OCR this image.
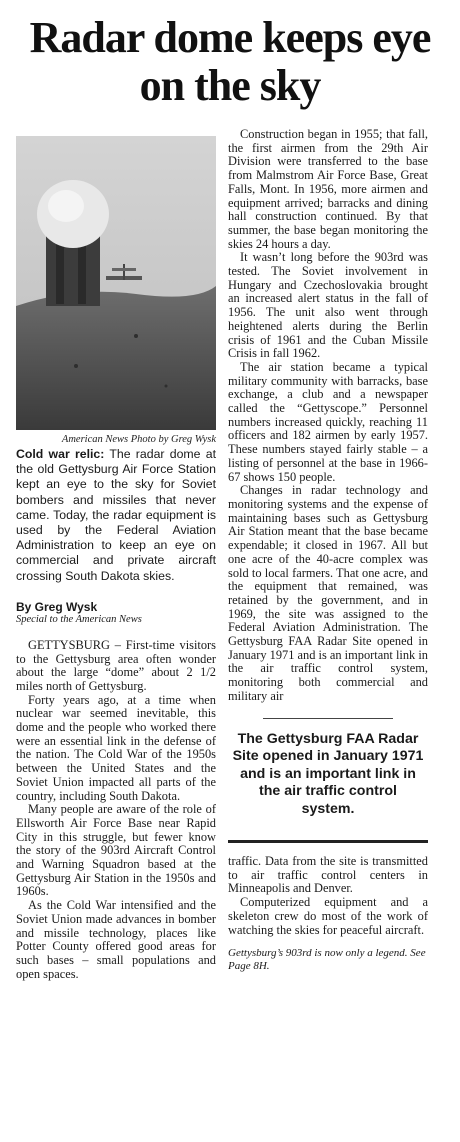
Radar dome keeps eye
on the sky
American News Photo by Greg Wysk

Cold war relic: The radar dome at the old Gettysburg Air Force Station kept an eye to the sky for Soviet bombers and missiles that never came. Today, the radar equipment is used by the Federal Aviation Administration to keep an eye on commercial and private aircraft crossing South Dakota skies.

By Greg Wysk
Special to the American News

GETTYSBURG – First-time visitors to the Gettysburg area often wonder about the large “dome” about 2 1/2 miles north of Gettysburg.

Forty years ago, at a time when nuclear war seemed inevitable, this dome and the people who worked there were an essential link in the defense of the nation. The Cold War of the 1950s between the United States and the Soviet Union impacted all parts of the country, including South Dakota.

Many people are aware of the role of Ellsworth Air Force Base near Rapid City in this struggle, but fewer know the story of the 903rd Aircraft Control and Warning Squadron based at the Gettysburg Air Station in the 1950s and 1960s.

As the Cold War intensified and the Soviet Union made advances in bomber and missile technology, places like Potter County offered good areas for such bases – small populations and open spaces.

Construction began in 1955; that fall, the first airmen from the 29th Air Division were transferred to the base from Malmstrom Air Force Base, Great Falls, Mont. In 1956, more airmen and equipment arrived; barracks and dining hall construction continued. By that summer, the base began monitoring the skies 24 hours a day.

It wasn’t long before the 903rd was tested. The Soviet involvement in Hungary and Czechoslovakia brought an increased alert status in the fall of 1956. The unit also went through heightened alerts during the Berlin crisis of 1961 and the Cuban Missile Crisis in fall 1962.

The air station became a typical military community with barracks, base exchange, a club and a newspaper called the “Gettyscope.” Personnel numbers increased quickly, reaching 11 officers and 182 airmen by early 1957. These numbers stayed fairly stable – a listing of personnel at the base in 1966-67 shows 150 people.

Changes in radar technology and monitoring systems and the expense of maintaining bases such as Gettysburg Air Station meant that the base became expendable; it closed in 1967. All but one acre of the 40-acre complex was sold to local farmers. That one acre, and the equipment that remained, was retained by the government, and in 1969, the site was assigned to the Federal Aviation Administration. The Gettysburg FAA Radar Site opened in January 1971 and is an important link in the air traffic control system, monitoring both commercial and military air

The Gettysburg FAA Radar Site opened in January 1971 and is an important link in the air traffic control system.

traffic. Data from the site is transmitted to air traffic control centers in Minneapolis and Denver.

Computerized equipment and a skeleton crew do most of the work of watching the skies for peaceful aircraft.

Gettysburg’s 903rd is now only a legend. See Page 8H.
